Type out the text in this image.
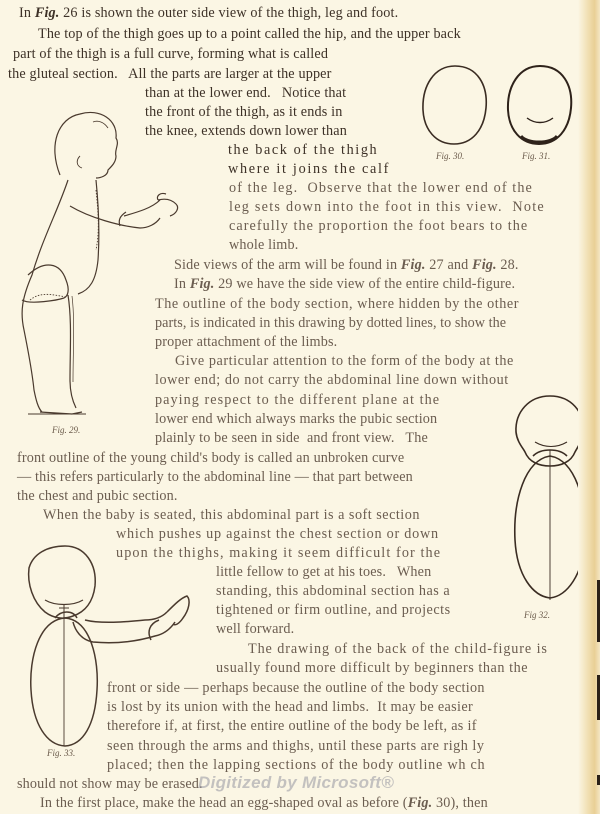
In Fig. 26 is shown the outer side view of the thigh, leg and foot.
The top of the thigh goes up to a point called the hip, and the upper back
part of the thigh is a full curve, forming what is called
the gluteal section.   All the parts are larger at the upper
than at the lower end.   Notice that
the front of the thigh, as it ends in
the knee, extends down lower than
the back of the thigh
where it joins the calf
of the leg.  Observe that the lower end of the
leg sets down into the foot in this view.  Note
carefully the proportion the foot bears to the
whole limb.
Side views of the arm will be found in Fig. 27 and Fig. 28.
In Fig. 29 we have the side view of the entire child-figure.
The outline of the body section, where hidden by the other
parts, is indicated in this drawing by dotted lines, to show the
proper attachment of the limbs.
Give particular attention to the form of the body at the
lower end; do not carry the abdominal line down without
paying respect to the different plane at the
lower end which always marks the pubic section
plainly to be seen in side  and front view.   The
front outline of the young child's body is called an unbroken curve
— this refers particularly to the abdominal line — that part between
the chest and pubic section.
When the baby is seated, this abdominal part is a soft section
which pushes up against the chest section or down
upon the thighs, making it seem difficult for the
little fellow to get at his toes.   When
standing, this abdominal section has a
tightened or firm outline, and projects
well forward.
The drawing of the back of the child-figure is
usually found more difficult by beginners than the
front or side — perhaps because the outline of the body section
is lost by its union with the head and limbs.  It may be easier
therefore if, at first, the entire outline of the body be left, as if
seen through the arms and thighs, until these parts are righ ly
placed; then the lapping sections of the body outline wh ch
should not show may be erased.
In the first place, make the head an egg-shaped oval as before (Fig. 30), then
Fig. 29.
Fig. 30.	Fig. 31.
Fig 32.
Fig. 33.
Digitized by Microsoft®
